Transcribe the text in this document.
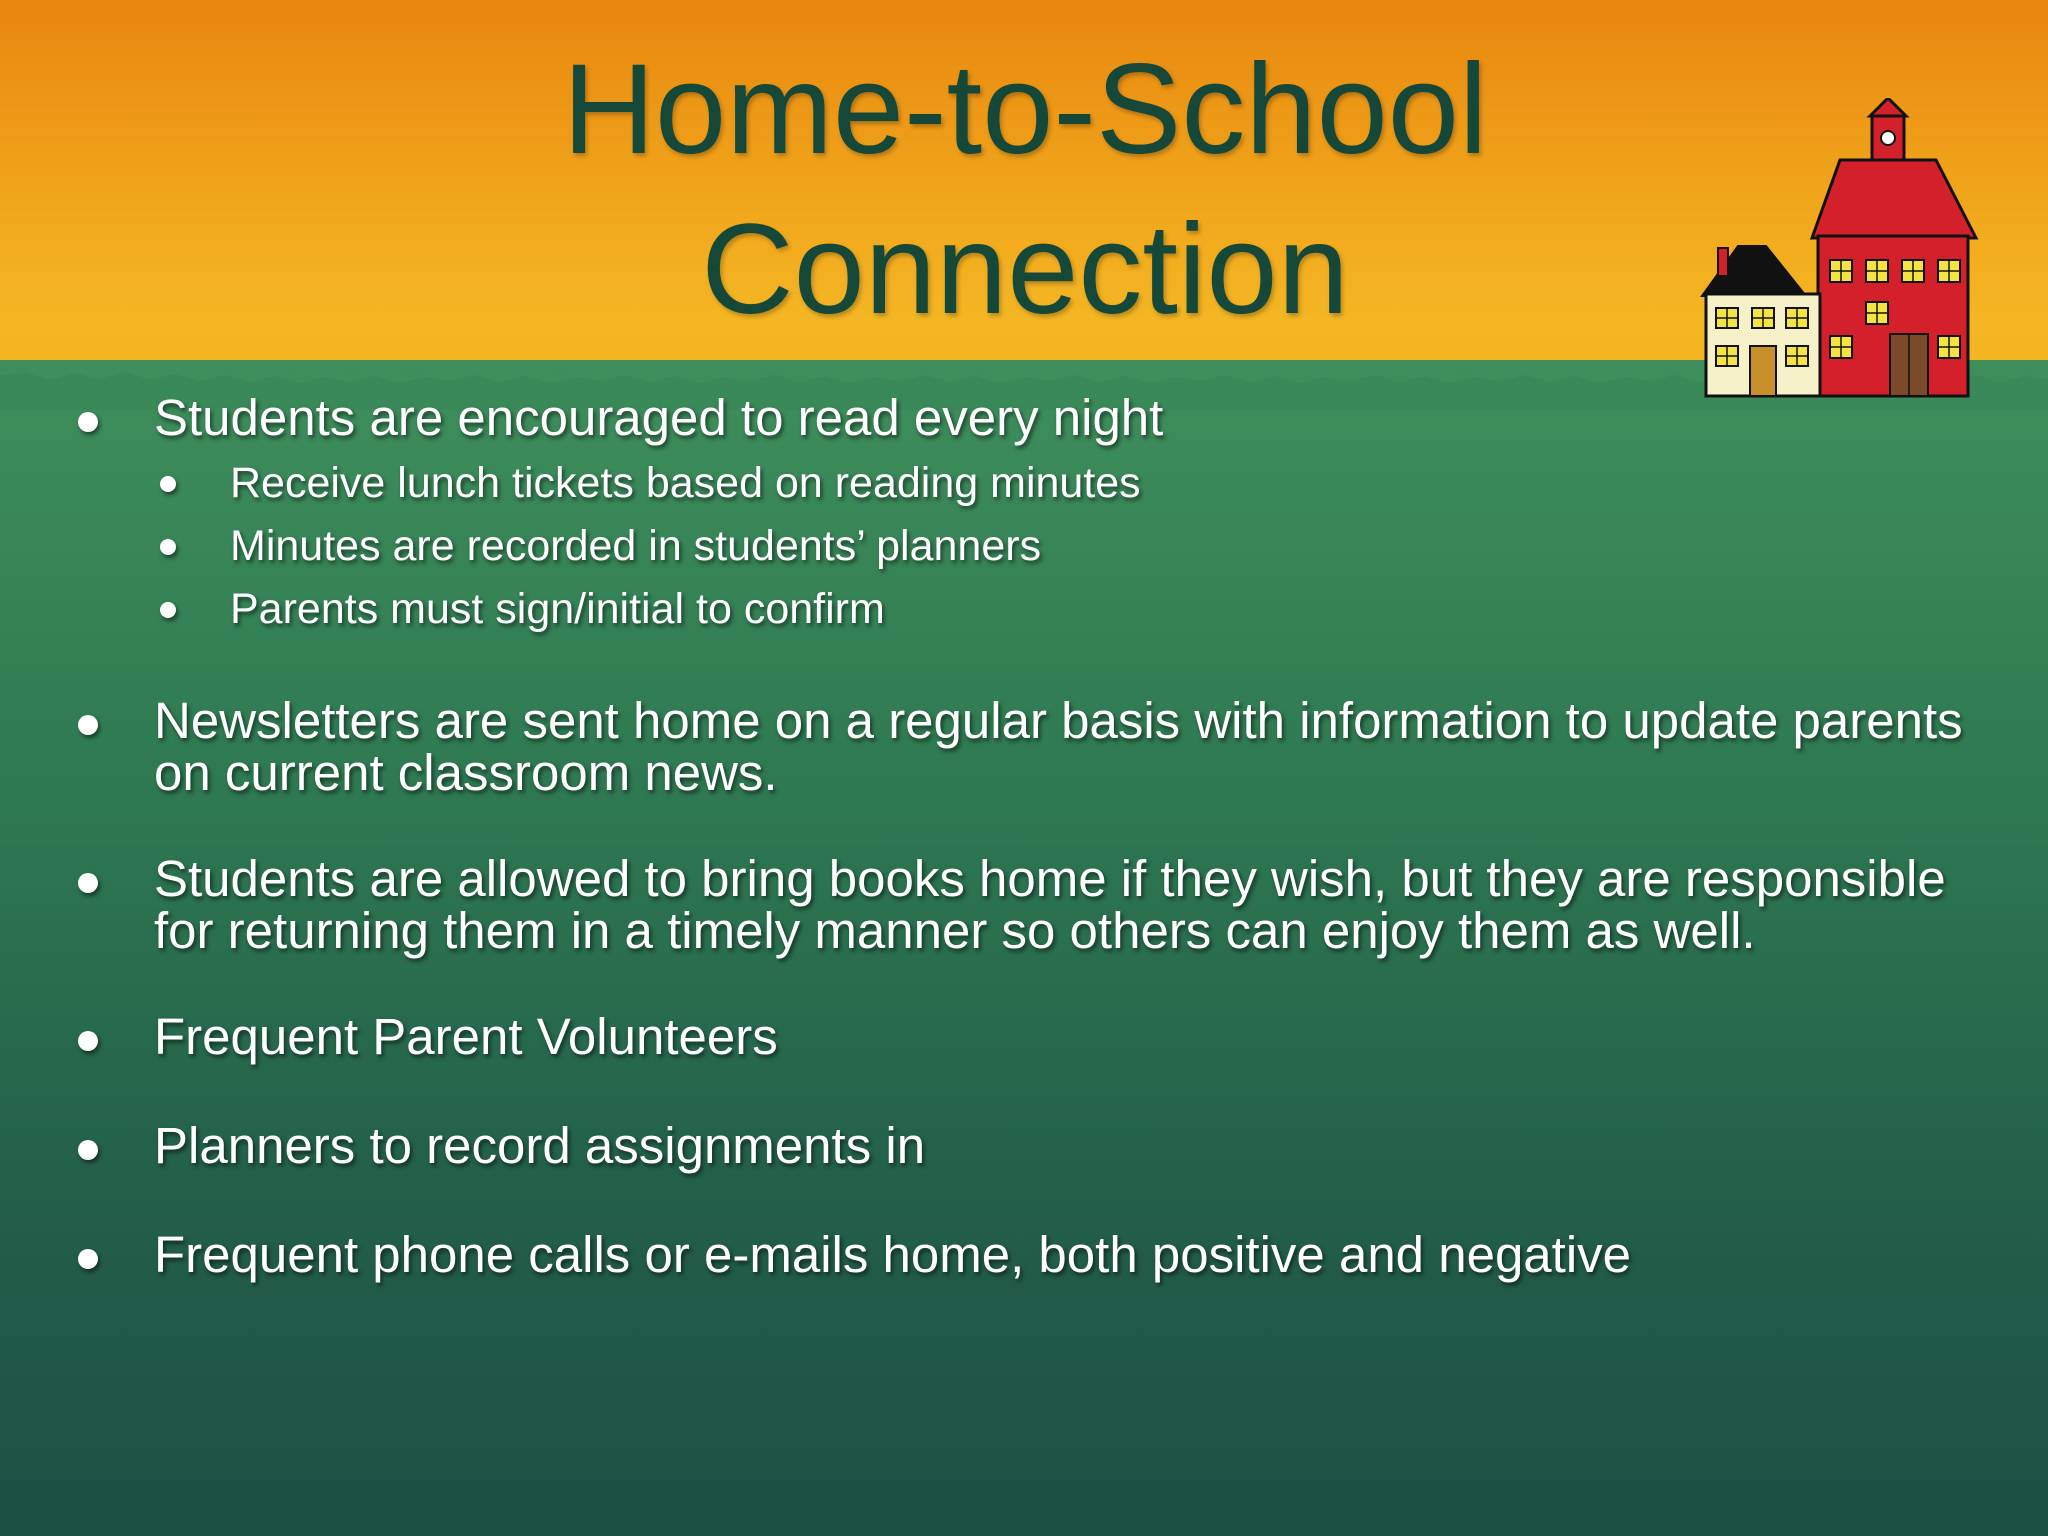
Home-to-School
Connection
Students are encouraged to read every night
Receive lunch tickets based on reading minutes
Minutes are recorded in students’ planners
Parents must sign/initial to confirm
Newsletters are sent home on a regular basis with information to update parents on current classroom news.
Students are allowed to bring books home if they wish, but they are responsible for returning them in a timely manner so others can enjoy them as well.
Frequent Parent Volunteers
Planners to record assignments in
Frequent phone calls or e-mails home, both positive and negative
